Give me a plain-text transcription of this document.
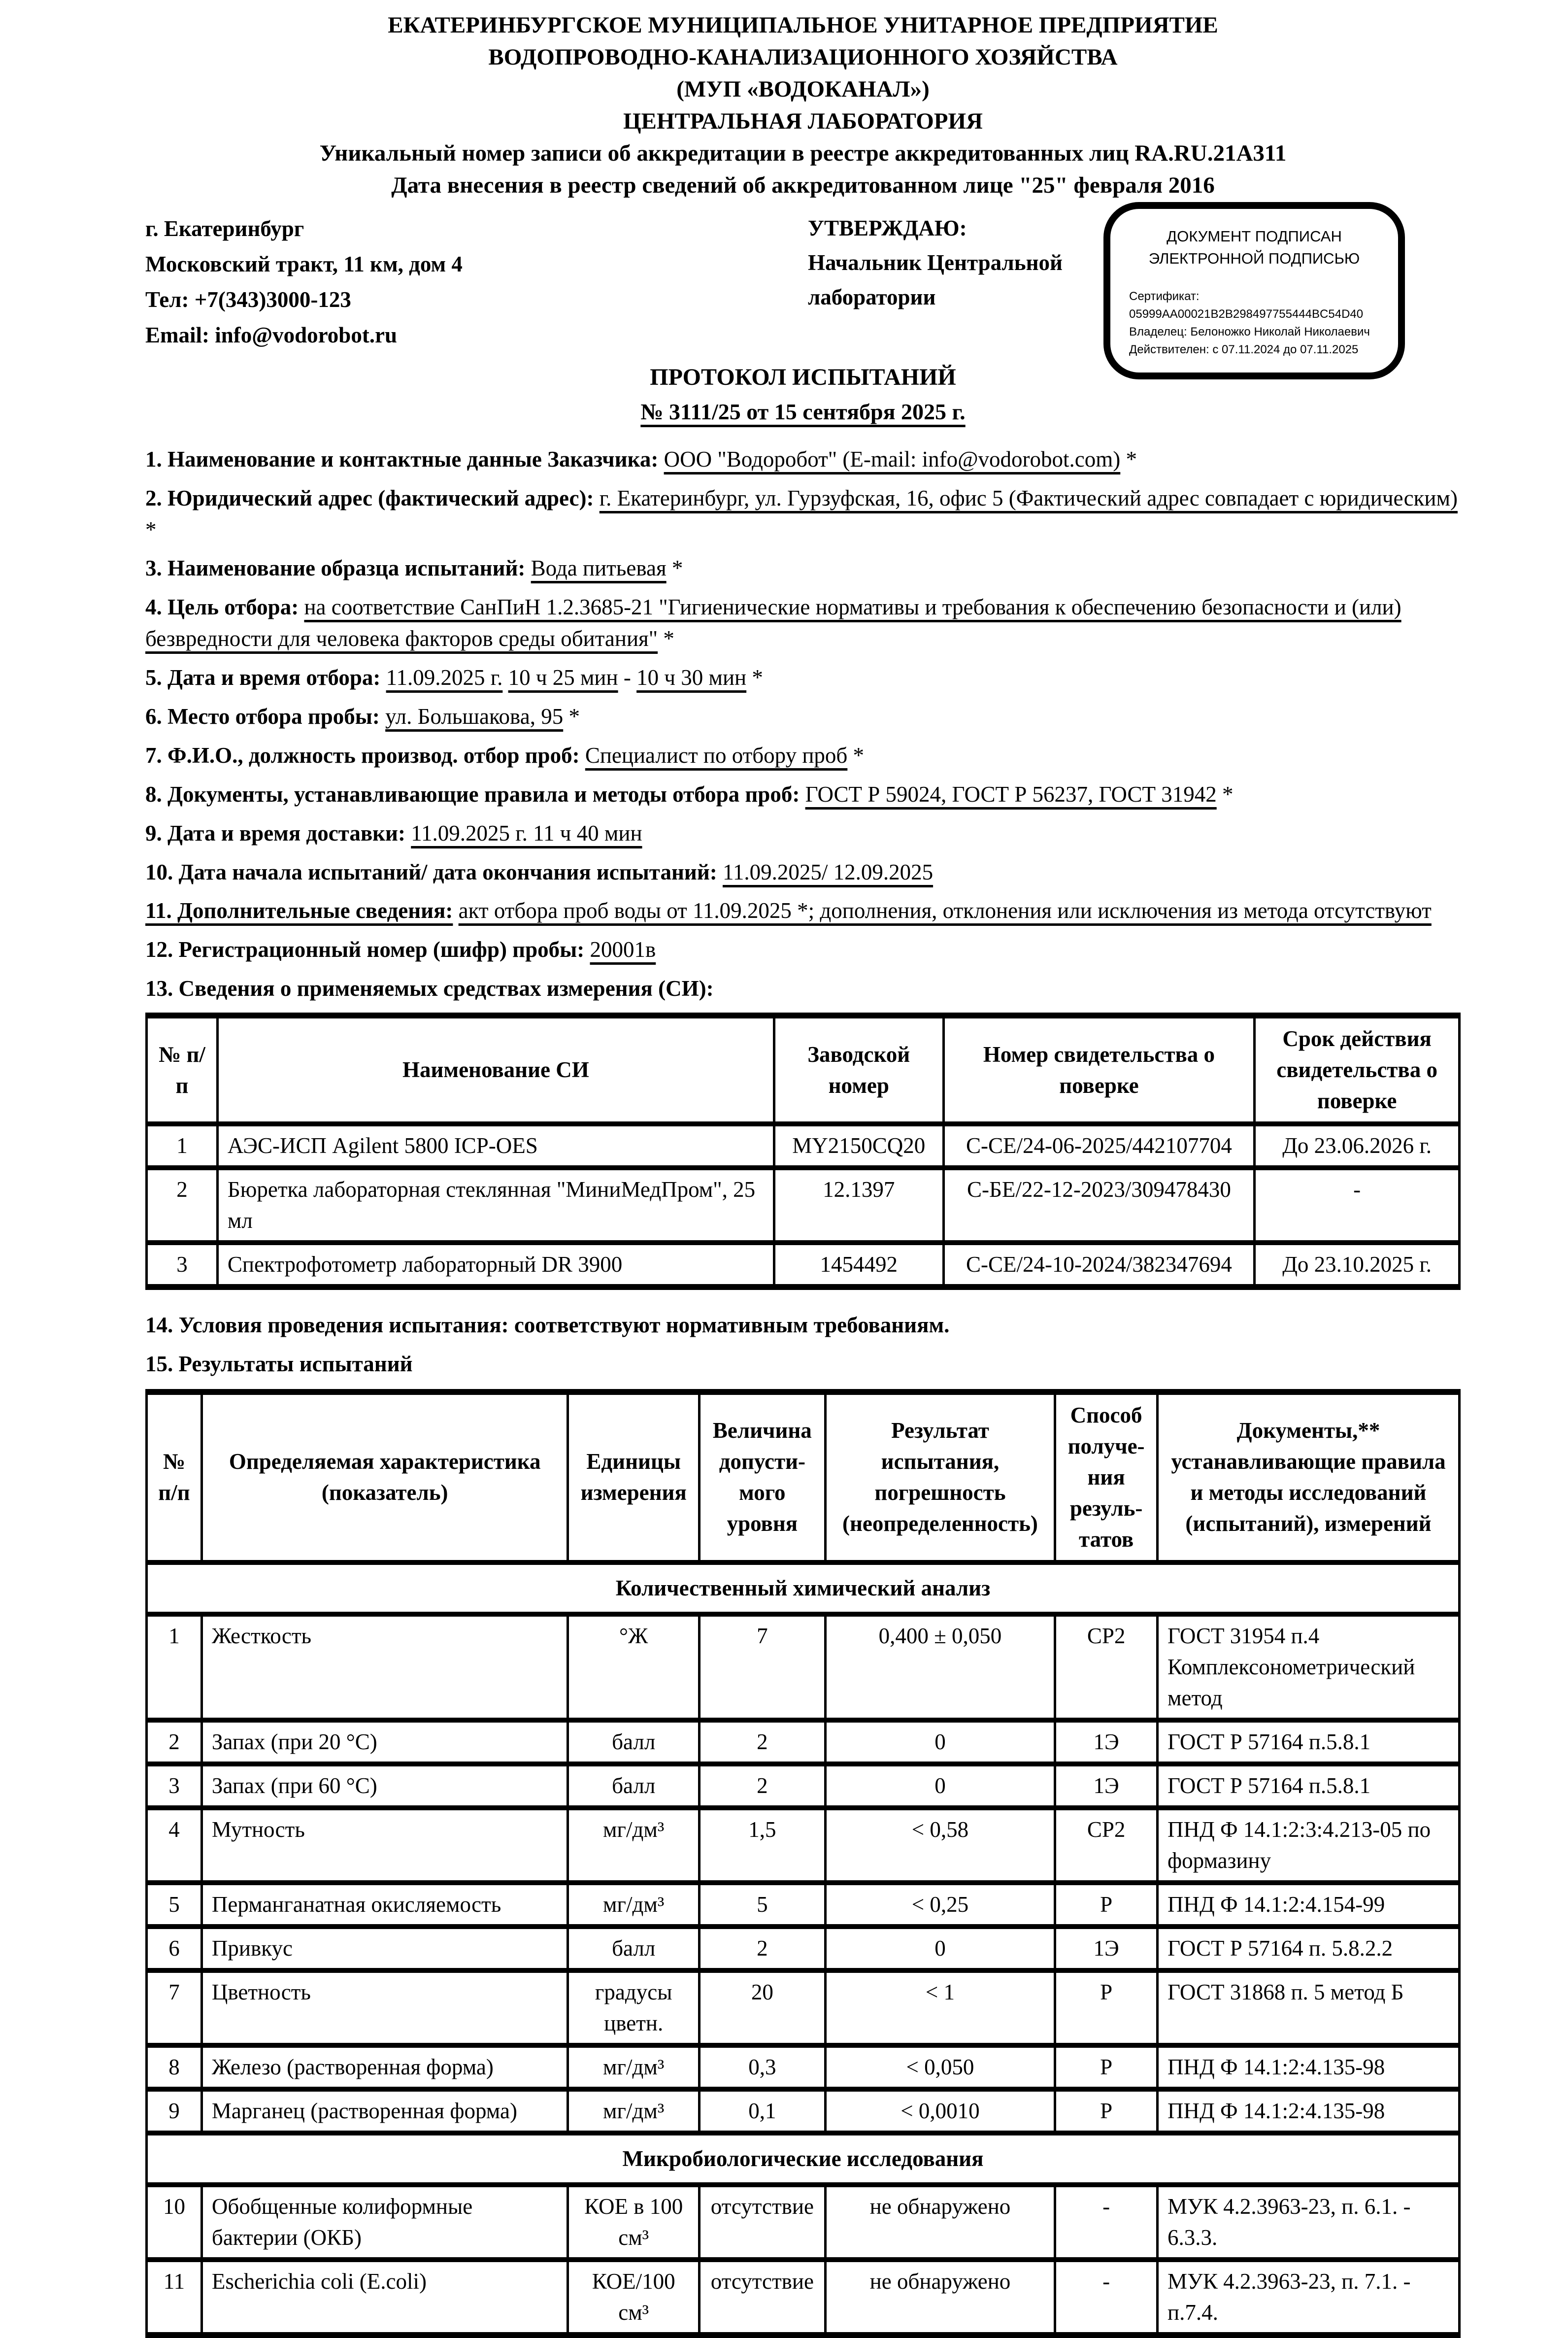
ЕКАТЕРИНБУРГСКОЕ МУНИЦИПАЛЬНОЕ УНИТАРНОЕ ПРЕДПРИЯТИЕ

ВОДОПРОВОДНО-КАНАЛИЗАЦИОННОГО ХОЗЯЙСТВА

(МУП «ВОДОКАНАЛ»)

ЦЕНТРАЛЬНАЯ ЛАБОРАТОРИЯ

Уникальный номер записи об аккредитации в реестре аккредитованных лиц RA.RU.21A311

Дата внесения в реестр сведений об аккредитованном лице "25" февраля 2016

г. Екатеринбург
Московский тракт, 11 км, дом 4
Тел: +7(343)3000-123
Email: info@vodorobot.ru
УТВЕРЖДАЮ:
Начальник Центральной
лаборатории
ДОКУМЕНТ ПОДПИСАН
ЭЛЕКТРОННОЙ ПОДПИСЬЮ
Сертификат: 05999AA00021B2B298497755444BC54D40
Владелец: Белоножко Николай Николаевич
Действителен: с 07.11.2024 до 07.11.2025

ПРОТОКОЛ ИСПЫТАНИЙ

№ 3111/25 от 15 сентября 2025 г.

1. Наименование и контактные данные Заказчика: ООО "Водоробот" (E-mail: info@vodorobot.com) *

2. Юридический адрес (фактический адрес): г. Екатеринбург, ул. Гурзуфская, 16, офис 5 (Фактический адрес совпадает с юридическим) *

3. Наименование образца испытаний: Вода питьевая *

4. Цель отбора: на соответствие СанПиН 1.2.3685-21 "Гигиенические нормативы и требования к обеспечению безопасности и (или) безвредности для человека факторов среды обитания" *

5. Дата и время отбора: 11.09.2025 г. 10 ч 25 мин - 10 ч 30 мин *

6. Место отбора пробы: ул. Большакова, 95 *

7. Ф.И.О., должность производ. отбор проб: Специалист по отбору проб *

8. Документы, устанавливающие правила и методы отбора проб: ГОСТ Р 59024, ГОСТ Р 56237, ГОСТ 31942 *

9. Дата и время доставки: 11.09.2025 г. 11 ч 40 мин

10. Дата начала испытаний/ дата окончания испытаний: 11.09.2025/ 12.09.2025

11. Дополнительные сведения: акт отбора проб воды от 11.09.2025 *; дополнения, отклонения или исключения из метода отсутствуют

12. Регистрационный номер (шифр) пробы: 20001в

13. Сведения о применяемых средствах измерения (СИ):

№ п/п	Наименование СИ	Заводской номер	Номер свидетельства о поверке	Срок действия свидетельства о поверке
1	АЭС-ИСП Agilent 5800 ICP-OES	MY2150CQ20	С-СЕ/24-06-2025/442107704	До 23.06.2026 г.
2	Бюретка лабораторная стеклянная "МиниМедПром", 25 мл	12.1397	С-БЕ/22-12-2023/309478430	-
3	Спектрофотометр лабораторный DR 3900	1454492	С-СЕ/24-10-2024/382347694	До 23.10.2025 г.

14. Условия проведения испытания: соответствуют нормативным требованиям.

15. Результаты испытаний

№ п/п	Определяемая характеристика (показатель)	Единицы измерения	Величина допусти-мого уровня	Результат испытания, погрешность (неопределенность)	Способ получе-ния резуль-татов	Документы,** устанавливающие правила и методы исследований (испытаний), измерений
Количественный химический анализ						
1	Жесткость	°Ж	7	0,400 ± 0,050	СР2	ГОСТ 31954 п.4 Комплексонометрический метод
2	Запах (при 20 °С)	балл	2	0	1Э	ГОСТ Р 57164 п.5.8.1
3	Запах (при 60 °С)	балл	2	0	1Э	ГОСТ Р 57164 п.5.8.1
4	Мутность	мг/дм³	1,5	< 0,58	СР2	ПНД Ф 14.1:2:3:4.213-05 по формазину
5	Перманганатная окисляемость	мг/дм³	5	< 0,25	Р	ПНД Ф 14.1:2:4.154-99
6	Привкус	балл	2	0	1Э	ГОСТ Р 57164 п. 5.8.2.2
7	Цветность	градусы цветн.	20	< 1	Р	ГОСТ 31868 п. 5 метод Б
8	Железо (растворенная форма)	мг/дм³	0,3	< 0,050	Р	ПНД Ф 14.1:2:4.135-98
9	Марганец (растворенная форма)	мг/дм³	0,1	< 0,0010	Р	ПНД Ф 14.1:2:4.135-98
Микробиологические исследования						
10	Обобщенные колиформные бактерии (ОКБ)	КОЕ в 100 см³	отсутствие	не обнаружено	-	МУК 4.2.3963-23, п. 6.1. - 6.3.3.
11	Escherichia coli (E.coli)	КОЕ/100 см³	отсутствие	не обнаружено	-	МУК 4.2.3963-23, п. 7.1. - п.7.4.
